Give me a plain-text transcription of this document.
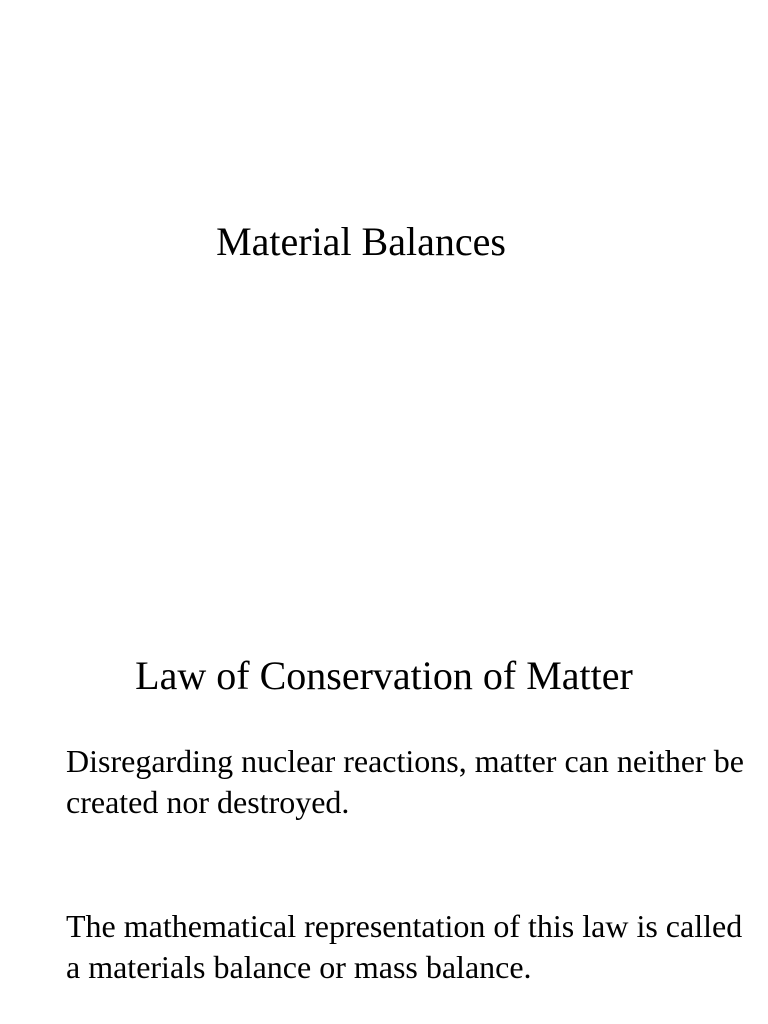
Material Balances
Law of Conservation of Matter

Disregarding nuclear reactions, matter can neither be created nor destroyed.

The mathematical representation of this law is called a materials balance or mass balance.
